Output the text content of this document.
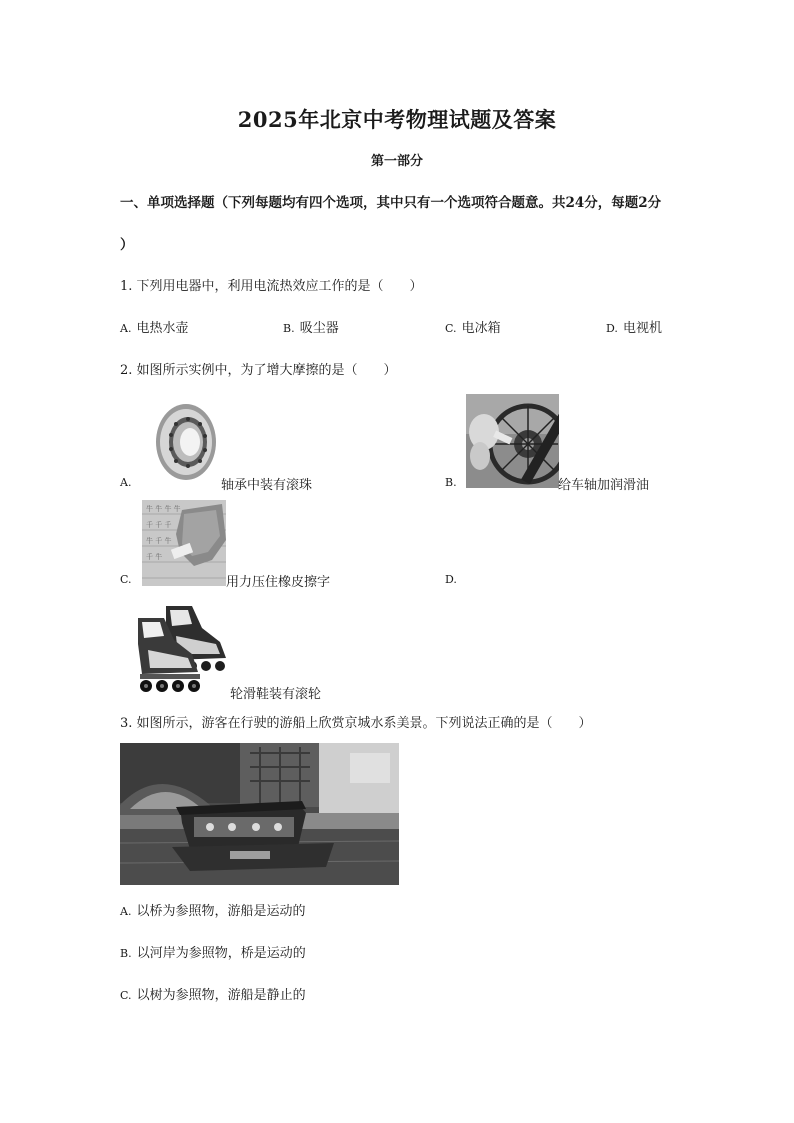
2025年北京中考物理试题及答案
第一部分
一、单项选择题（下列每题均有四个选项，其中只有一个选项符合题意。共24分，每题2分
）
1. 下列用电器中，利用电流热效应工作的是（　　）
A. 电热水壶	B. 吸尘器	C. 电冰箱	D. 电视机
2. 如图所示实例中，为了增大摩擦的是（　　）
A.	轴承中装有滚珠	B.	给车轴加润滑油
牛 牛 牛 牛
千 千 千
牛 千 牛
千 牛
C.	用力压住橡皮擦字	D.
轮滑鞋装有滚轮
3. 如图所示，游客在行驶的游船上欣赏京城水系美景。下列说法正确的是（　　）
A. 以桥为参照物，游船是运动的
B. 以河岸为参照物，桥是运动的
C. 以树为参照物，游船是静止的
